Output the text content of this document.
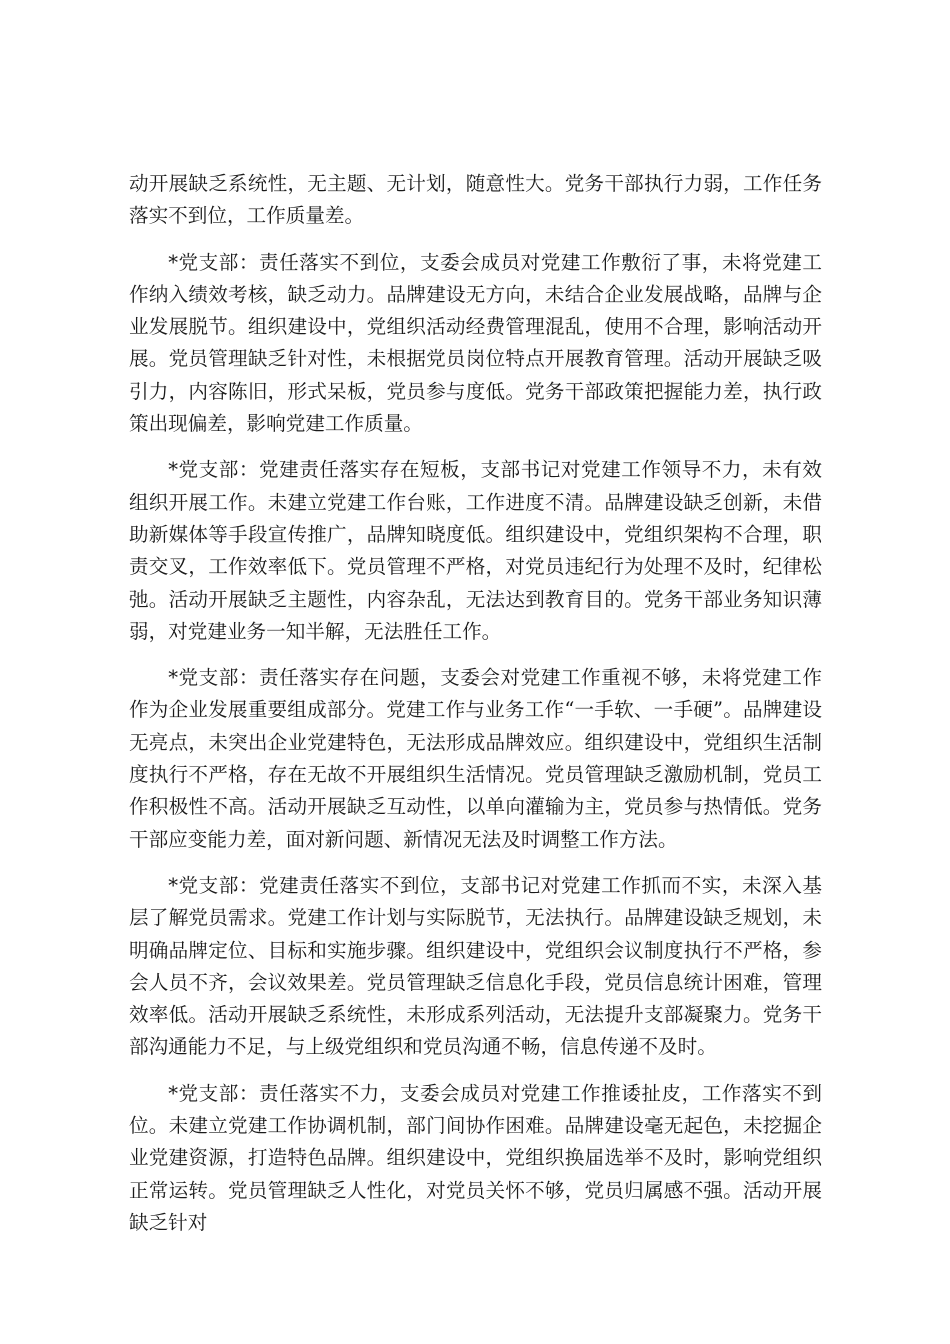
动开展缺乏系统性，无主题、无计划，随意性大。党务干部执行力弱，工作任务落实不到位，工作质量差。

*党支部：责任落实不到位，支委会成员对党建工作敷衍了事，未将党建工作纳入绩效考核，缺乏动力。品牌建设无方向，未结合企业发展战略，品牌与企业发展脱节。组织建设中，党组织活动经费管理混乱，使用不合理，影响活动开展。党员管理缺乏针对性，未根据党员岗位特点开展教育管理。活动开展缺乏吸引力，内容陈旧，形式呆板，党员参与度低。党务干部政策把握能力差，执行政策出现偏差，影响党建工作质量。

*党支部：党建责任落实存在短板，支部书记对党建工作领导不力，未有效组织开展工作。未建立党建工作台账，工作进度不清。品牌建设缺乏创新，未借助新媒体等手段宣传推广，品牌知晓度低。组织建设中，党组织架构不合理，职责交叉，工作效率低下。党员管理不严格，对党员违纪行为处理不及时，纪律松弛。活动开展缺乏主题性，内容杂乱，无法达到教育目的。党务干部业务知识薄弱，对党建业务一知半解，无法胜任工作。

*党支部：责任落实存在问题，支委会对党建工作重视不够，未将党建工作作为企业发展重要组成部分。党建工作与业务工作“一手软、一手硬”。品牌建设无亮点，未突出企业党建特色，无法形成品牌效应。组织建设中，党组织生活制度执行不严格，存在无故不开展组织生活情况。党员管理缺乏激励机制，党员工作积极性不高。活动开展缺乏互动性，以单向灌输为主，党员参与热情低。党务干部应变能力差，面对新问题、新情况无法及时调整工作方法。

*党支部：党建责任落实不到位，支部书记对党建工作抓而不实，未深入基层了解党员需求。党建工作计划与实际脱节，无法执行。品牌建设缺乏规划，未明确品牌定位、目标和实施步骤。组织建设中，党组织会议制度执行不严格，参会人员不齐，会议效果差。党员管理缺乏信息化手段，党员信息统计困难，管理效率低。活动开展缺乏系统性，未形成系列活动，无法提升支部凝聚力。党务干部沟通能力不足，与上级党组织和党员沟通不畅，信息传递不及时。

*党支部：责任落实不力，支委会成员对党建工作推诿扯皮，工作落实不到位。未建立党建工作协调机制，部门间协作困难。品牌建设毫无起色，未挖掘企业党建资源，打造特色品牌。组织建设中，党组织换届选举不及时，影响党组织正常运转。党员管理缺乏人性化，对党员关怀不够，党员归属感不强。活动开展缺乏针对
